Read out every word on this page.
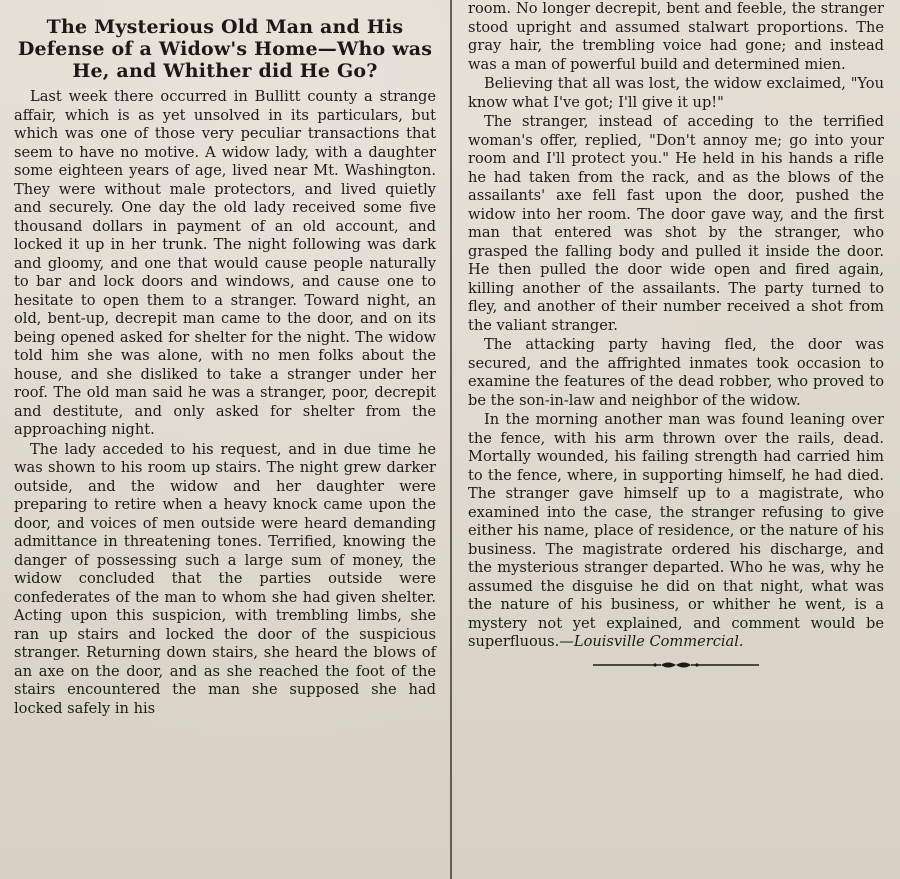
The Mysterious Old Man and His Defense of a Widow's Home—Who was He, and Whither did He Go?

Last week there occurred in Bullitt county a strange affair, which is as yet unsolved in its particulars, but which was one of those very peculiar transactions that seem to have no motive. A widow lady, with a daughter some eighteen years of age, lived near Mt. Washington. They were without male protectors, and lived quietly and securely. One day the old lady received some five thousand dollars in payment of an old account, and locked it up in her trunk. The night following was dark and gloomy, and one that would cause people naturally to bar and lock doors and windows, and cause one to hesitate to open them to a stranger. Toward night, an old, bent-up, decrepit man came to the door, and on its being opened asked for shelter for the night. The widow told him she was alone, with no men folks about the house, and she disliked to take a stranger under her roof. The old man said he was a stranger, poor, decrepit and destitute, and only asked for shelter from the approaching night.

The lady acceded to his request, and in due time he was shown to his room up stairs. The night grew darker outside, and the widow and her daughter were preparing to retire when a heavy knock came upon the door, and voices of men outside were heard demanding admittance in threatening tones. Terrified, knowing the danger of possessing such a large sum of money, the widow concluded that the parties outside were confederates of the man to whom she had given shelter. Acting upon this suspicion, with trembling limbs, she ran up stairs and locked the door of the suspicious stranger. Returning down stairs, she heard the blows of an axe on the door, and as she reached the foot of the stairs encountered the man she supposed she had locked safely in his

room. No longer decrepit, bent and feeble, the stranger stood upright and assumed stalwart proportions. The gray hair, the trembling voice had gone; and instead was a man of powerful build and determined mien.

Believing that all was lost, the widow exclaimed, "You know what I've got; I'll give it up!"

The stranger, instead of acceding to the terrified woman's offer, replied, "Don't annoy me; go into your room and I'll protect you." He held in his hands a rifle he had taken from the rack, and as the blows of the assailants' axe fell fast upon the door, pushed the widow into her room. The door gave way, and the first man that entered was shot by the stranger, who grasped the falling body and pulled it inside the door. He then pulled the door wide open and fired again, killing another of the assailants. The party turned to fley, and another of their number received a shot from the valiant stranger.

The attacking party having fled, the door was secured, and the affrighted inmates took occasion to examine the features of the dead robber, who proved to be the son-in-law and neighbor of the widow.

In the morning another man was found leaning over the fence, with his arm thrown over the rails, dead. Mortally wounded, his failing strength had carried him to the fence, where, in supporting himself, he had died. The stranger gave himself up to a magistrate, who examined into the case, the stranger refusing to give either his name, place of residence, or the nature of his business. The magistrate ordered his discharge, and the mysterious stranger departed. Who he was, why he assumed the disguise he did on that night, what was the nature of his business, or whither he went, is a mystery not yet explained, and comment would be superfluous.—Louisville Commercial.
